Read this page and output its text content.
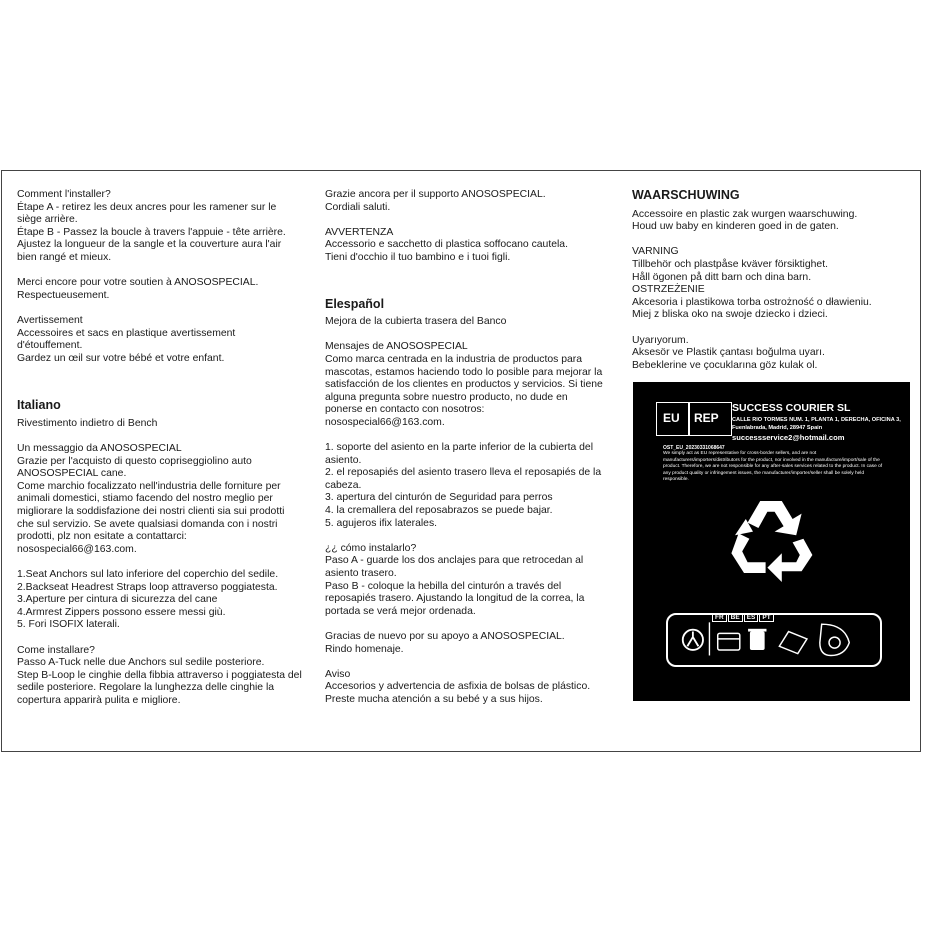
Comment l'installer?
Étape A - retirez les deux ancres pour les ramener sur le siège arrière.
Étape B - Passez la boucle à travers l'appuie - tête arrière. Ajustez la longueur de la sangle et la couverture aura l'air bien rangé et mieux.

Merci encore pour votre soutien à ANOSOSPECIAL.
Respectueusement.

Avertissement
Accessoires et sacs en plastique avertissement d'étouffement.
Gardez un œil sur votre bébé et votre enfant.

Italiano

Rivestimento indietro di Bench

Un messaggio da ANOSOSPECIAL
Grazie per l'acquisto di questo copriseggiolino auto ANOSOSPECIAL cane.
Come marchio focalizzato nell'industria delle forniture per animali domestici, stiamo facendo del nostro meglio per migliorare la soddisfazione dei nostri clienti sia sui prodotti che sul servizio. Se avete qualsiasi domanda con i nostri prodotti, plz non esitate a contattarci:
nosospecial66@163.com.

1.Seat Anchors sul lato inferiore del coperchio del sedile.
2.Backseat Headrest Straps loop attraverso poggiatesta.
3.Aperture per cintura di sicurezza del cane
4.Armrest Zippers possono essere messi giù.
5. Fori ISOFIX laterali.

Come installare?
Passo A-Tuck nelle due Anchors sul sedile posteriore.
Step B-Loop le cinghie della fibbia attraverso i poggiatesta del sedile posteriore. Regolare la lunghezza delle cinghie la copertura apparirà pulita e migliore.

Grazie ancora per il supporto ANOSOSPECIAL.
Cordiali saluti.

AVVERTENZA
Accessorio e sacchetto di plastica soffocano cautela.
Tieni d'occhio il tuo bambino e i tuoi figli.

Elespañol

Mejora de la cubierta trasera del Banco

Mensajes de ANOSOSPECIAL
Como marca centrada en la industria de productos para mascotas, estamos haciendo todo lo posible para mejorar la satisfacción de los clientes en productos y servicios. Si tiene alguna pregunta sobre nuestro producto, no dude en ponerse en contacto con nosotros:
nosospecial66@163.com.

1. soporte del asiento en la parte inferior de la cubierta del asiento.
2. el reposapiés del asiento trasero lleva el reposapiés de la cabeza.
3. apertura del cinturón de Seguridad para perros
4. la cremallera del reposabrazos se puede bajar.
5. agujeros ifix laterales.

¿¿ cómo instalarlo?
Paso A - guarde los dos anclajes para que retrocedan al asiento trasero.
Paso B - coloque la hebilla del cinturón a través del reposapiés trasero. Ajustando la longitud de la correa, la portada se verá mejor ordenada.

Gracias de nuevo por su apoyo a ANOSOSPECIAL.
Rindo homenaje.

Aviso
Accesorios y advertencia de asfixia de bolsas de plástico.
Preste mucha atención a su bebé y a sus hijos.

WAARSCHUWING

Accessoire en plastic zak wurgen waarschuwing.
Houd uw baby en kinderen goed in de gaten.

VARNING
Tillbehör och plastpåse kväver försiktighet.
Håll ögonen på ditt barn och dina barn.
OSTRZEŻENIE
Akcesoria i plastikowa torba ostrożność o dławieniu.
Miej z bliska oko na swoje dziecko i dzieci.

Uyarıyorum.
Aksesör ve Plastik çantası boğulma uyarı.
Bebeklerine ve çocuklarına göz kulak ol.

EU REP
SUCCESS COURIER SL
CALLE RIO TORMES NUM. 1, PLANTA 1, DERECHA, OFICINA 3, Fuenlabrada, Madrid, 28947 Spain
successservice2@hotmail.com
OST_EU_20230331068647
We simply act as EU representative for cross-border sellers, and are not manufacturers/importers/distributors for the product, nor involved in the manufacture/import/sale of the product. Therefore, we are not responsible for any after-sales services related to the product. In case of any product quality or infringement issues, the manufacturer/importer/seller shall be solely held responsible.
FR BE ES PT
